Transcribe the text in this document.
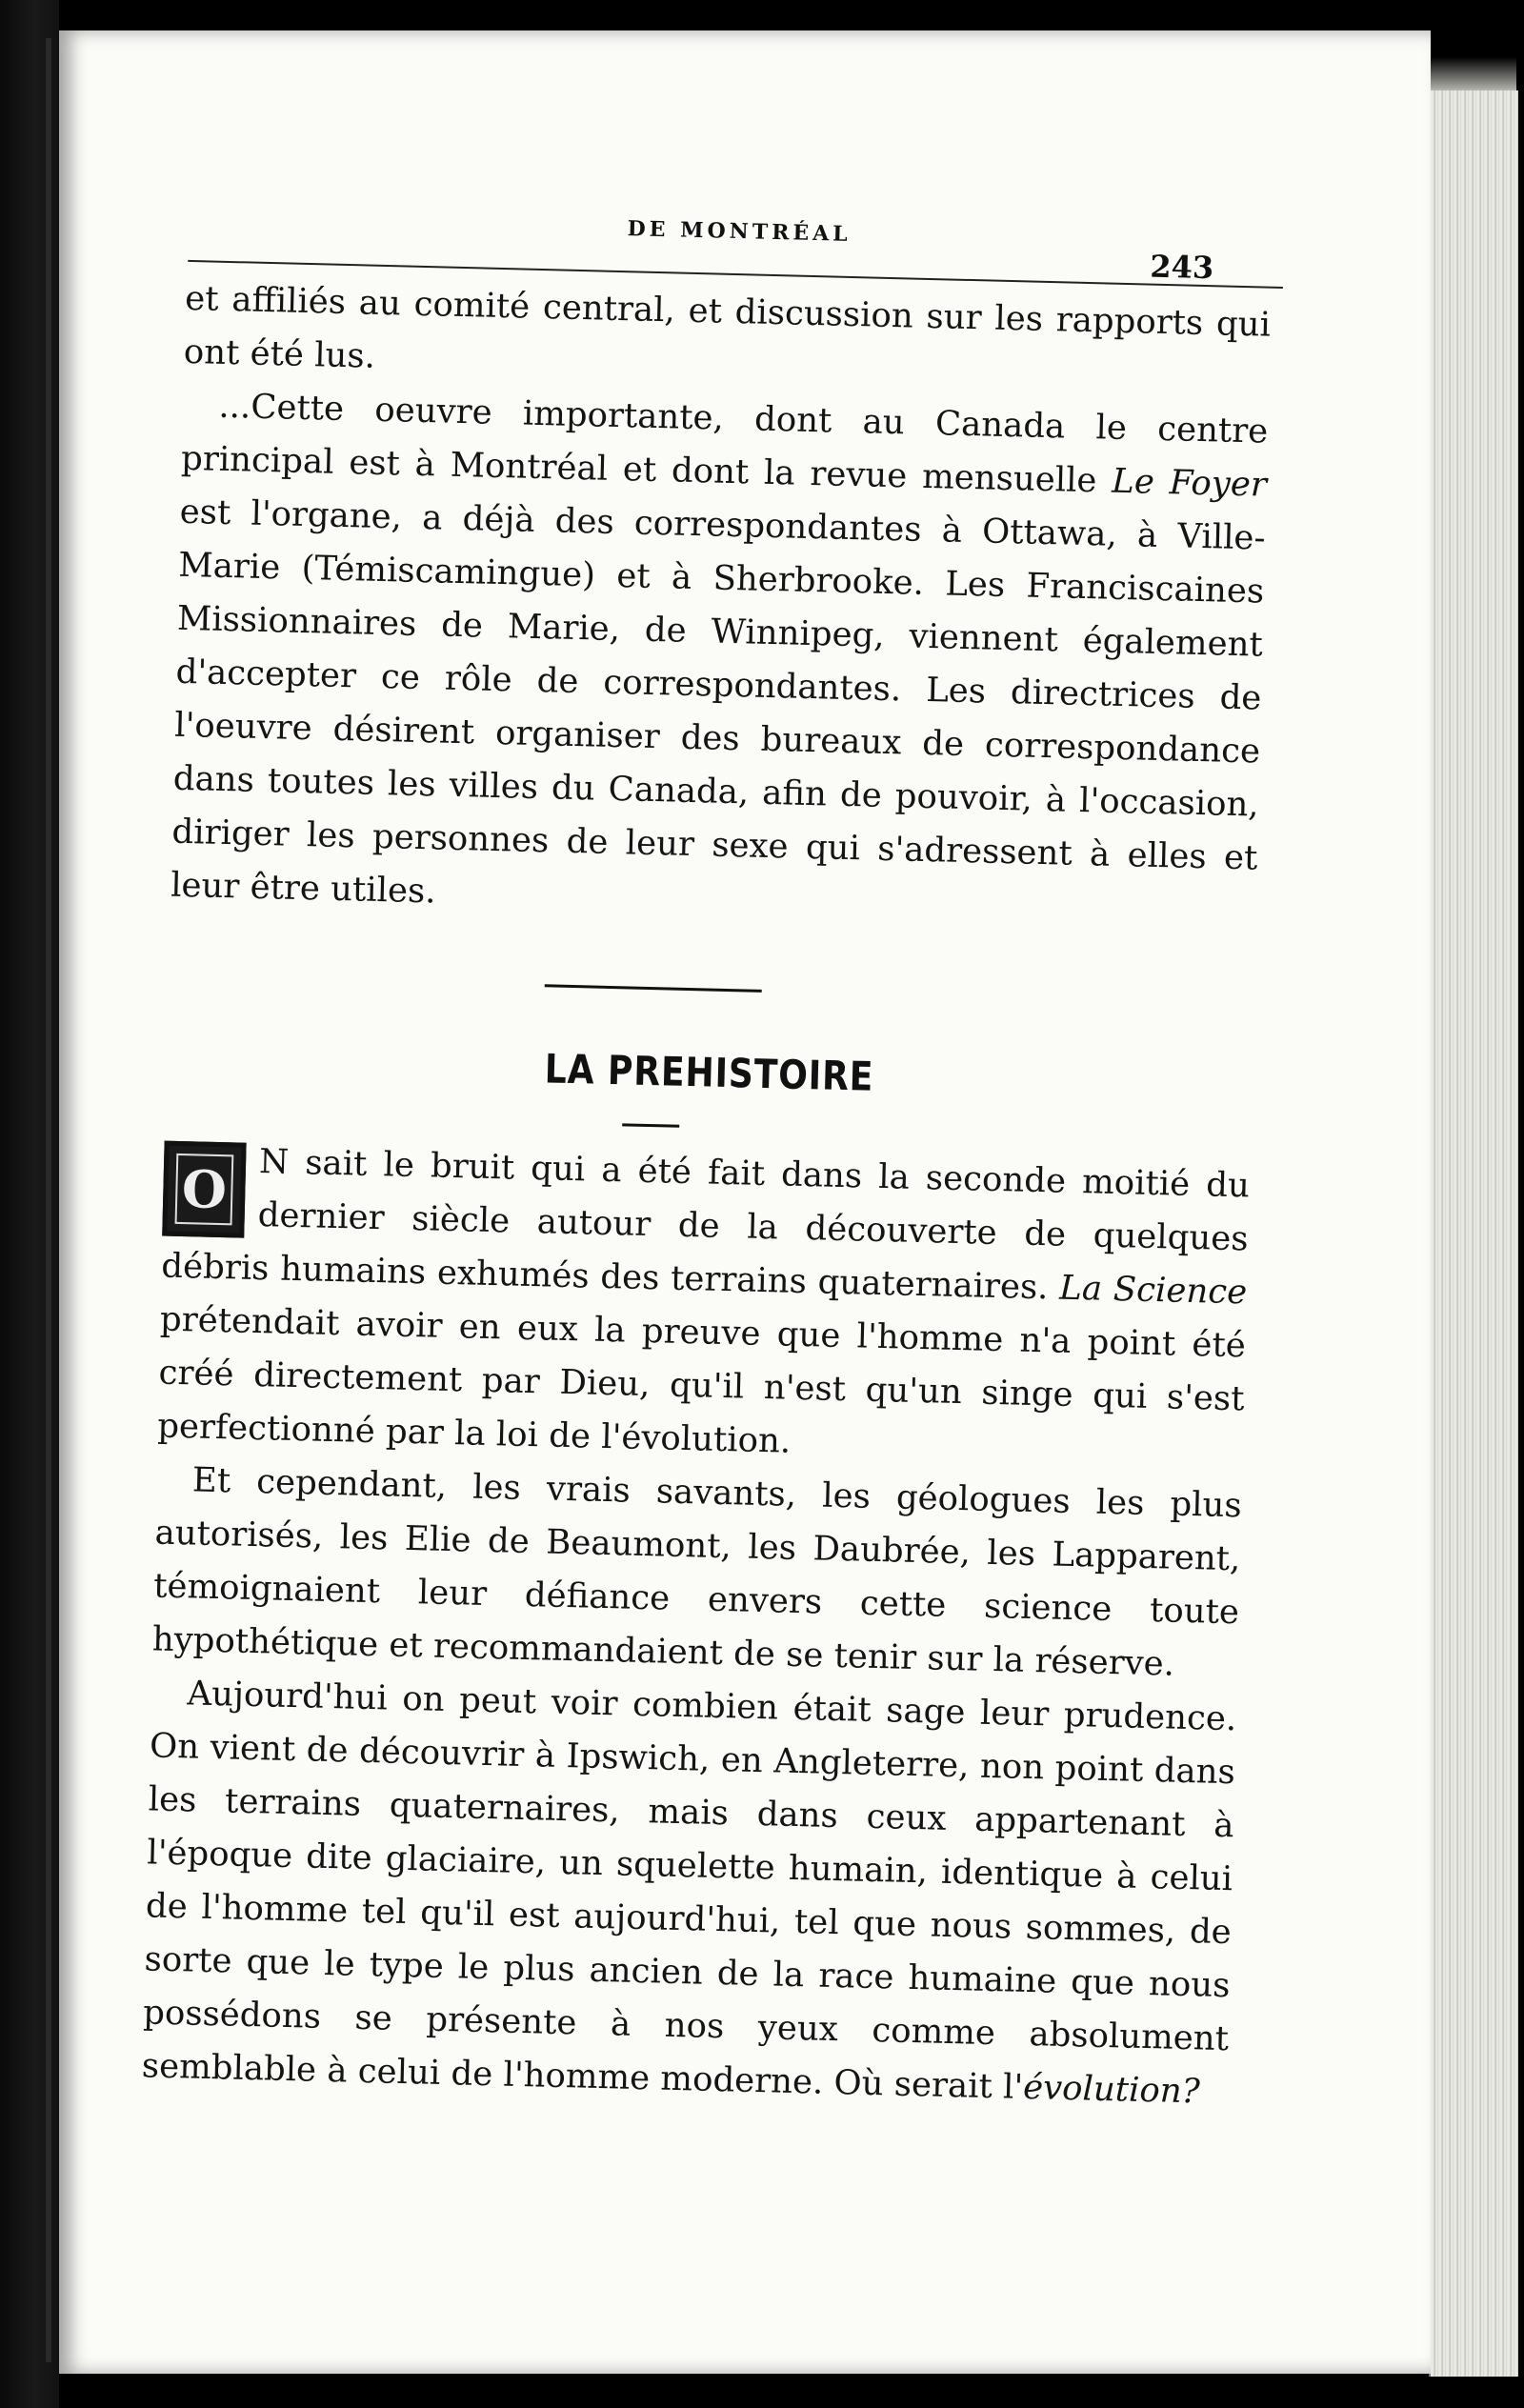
DE MONTRÉAL
243

et affiliés au comité central, et discussion sur les rapports qui ont été lus.

...Cette oeuvre importante, dont au Canada le centre principal est à Montréal et dont la revue mensuelle Le Foyer est l'organe, a déjà des correspondantes à Ottawa, à Ville-Marie (Témiscamingue) et à Sherbrooke. Les Franciscaines Missionnaires de Marie, de Winnipeg, viennent également d'accepter ce rôle de correspondantes. Les directrices de l'oeuvre désirent organiser des bureaux de correspondance dans toutes les villes du Canada, afin de pouvoir, à l'occasion, diriger les personnes de leur sexe qui s'adressent à elles et leur être utiles.

LA PREHISTOIRE

O N sait le bruit qui a été fait dans la seconde moitié du dernier siècle autour de la découverte de quelques débris humains exhumés des terrains quaternaires. La Science prétendait avoir en eux la preuve que l'homme n'a point été créé directement par Dieu, qu'il n'est qu'un singe qui s'est perfectionné par la loi de l'évolution.

Et cependant, les vrais savants, les géologues les plus autorisés, les Elie de Beaumont, les Daubrée, les Lapparent, témoignaient leur défiance envers cette science toute hypothétique et recommandaient de se tenir sur la réserve.

Aujourd'hui on peut voir combien était sage leur prudence. On vient de découvrir à Ipswich, en Angleterre, non point dans les terrains quaternaires, mais dans ceux appartenant à l'époque dite glaciaire, un squelette humain, identique à celui de l'homme tel qu'il est aujourd'hui, tel que nous sommes, de sorte que le type le plus ancien de la race humaine que nous possédons se présente à nos yeux comme absolument semblable à celui de l'homme moderne. Où serait l'évolution?
